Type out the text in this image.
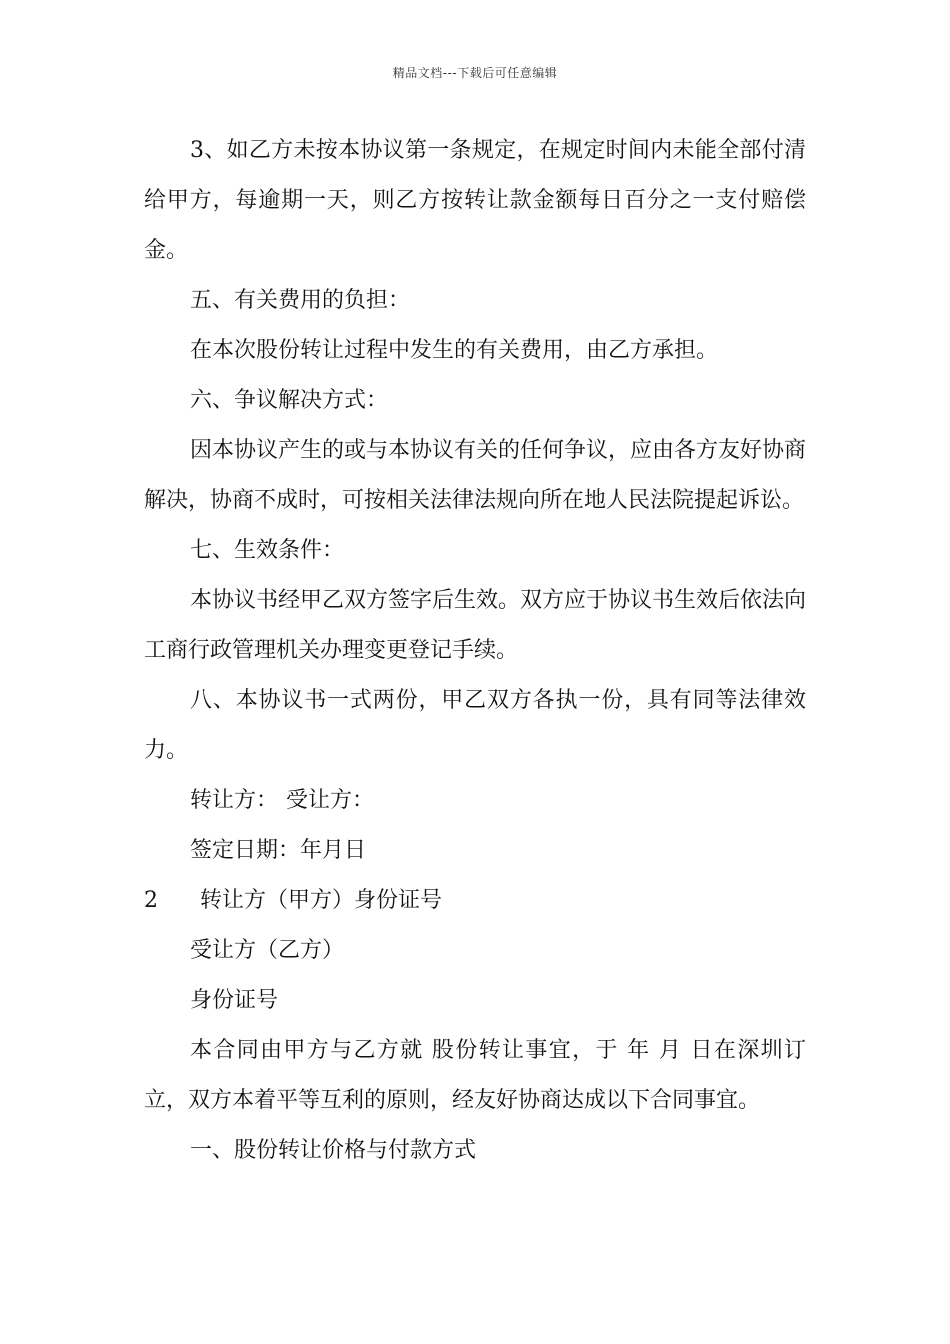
精品文档---下载后可任意编辑

3、如乙方未按本协议第一条规定，在规定时间内未能全部付清给甲方，每逾期一天，则乙方按转让款金额每日百分之一支付赔偿金。

五、有关费用的负担：

在本次股份转让过程中发生的有关费用，由乙方承担。

六、争议解决方式：

因本协议产生的或与本协议有关的任何争议，应由各方友好协商解决，协商不成时，可按相关法律法规向所在地人民法院提起诉讼。

七、生效条件：

本协议书经甲乙双方签字后生效。双方应于协议书生效后依法向工商行政管理机关办理变更登记手续。

八、本协议书一式两份，甲乙双方各执一份，具有同等法律效力。

转让方： 受让方：

签定日期：年月日

2	转让方（甲方）身份证号

受让方（乙方）

身份证号

本合同由甲方与乙方就 股份转让事宜，于 年 月 日在深圳订立，双方本着平等互利的原则，经友好协商达成以下合同事宜。

一、股份转让价格与付款方式
